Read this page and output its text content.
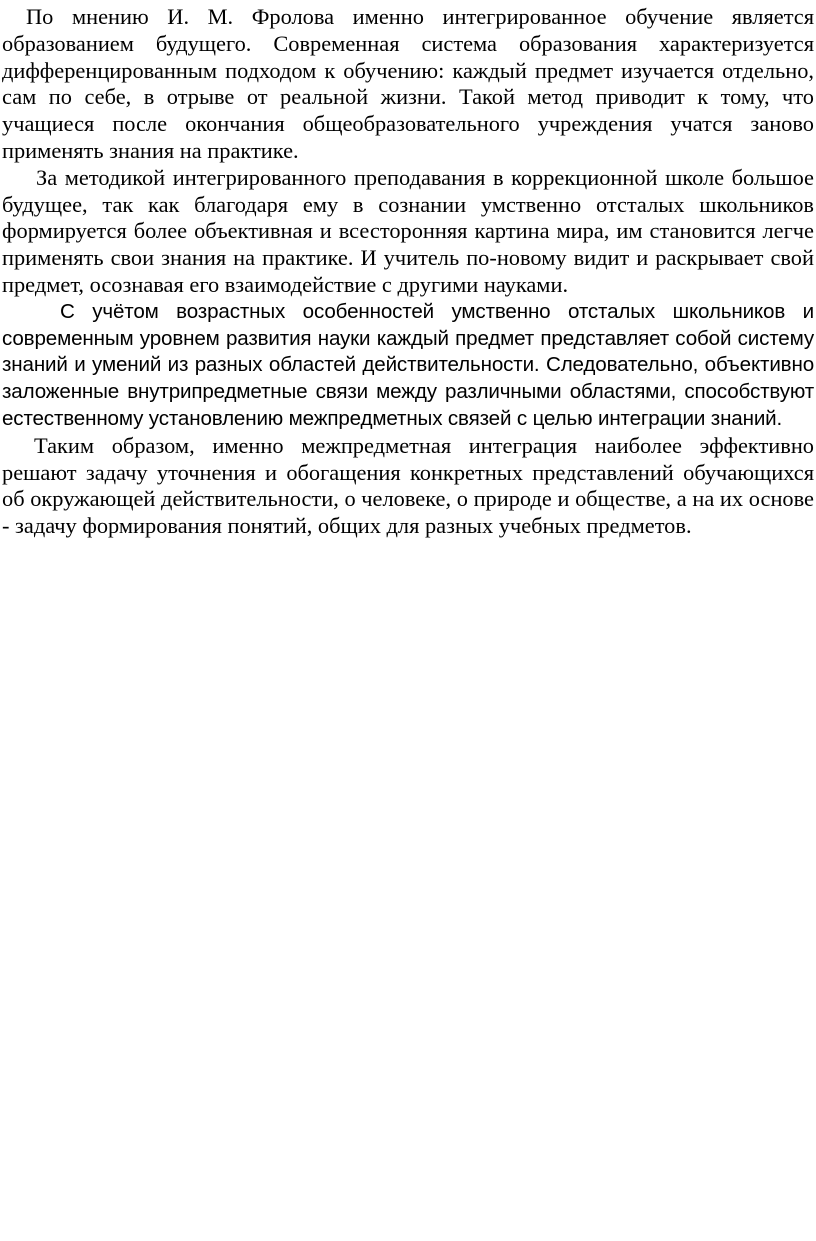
По мнению И. М. Фролова именно интегрированное обучение является образованием будущего. Современная система образования характеризуется дифференцированным подходом к обучению: каждый предмет изучается отдельно, сам по себе, в отрыве от реальной жизни. Такой метод приводит к тому, что учащиеся после окончания общеобразовательного учреждения учатся заново применять знания на практике.

За методикой интегрированного преподавания в коррекционной школе большое будущее, так как благодаря ему в сознании умственно отсталых школьников формируется более объективная и всесторонняя картина мира, им становится легче применять свои знания на практике. И учитель по-новому видит и раскрывает свой предмет, осознавая его взаимодействие с другими науками.

С учётом возрастных особенностей умственно отсталых школьников и современным уровнем развития науки каждый предмет представляет собой систему знаний и умений из разных областей действительности. Следовательно, объективно заложенные внутрипредметные связи между различными областями, способствуют естественному установлению межпредметных связей с целью интеграции знаний.

Таким образом, именно межпредметная интеграция наиболее эффективно решают задачу уточнения и обогащения конкретных представлений обучающихся об окружающей действительности, о человеке, о природе и обществе, а на их основе - задачу формирования понятий, общих для разных учебных предметов.
